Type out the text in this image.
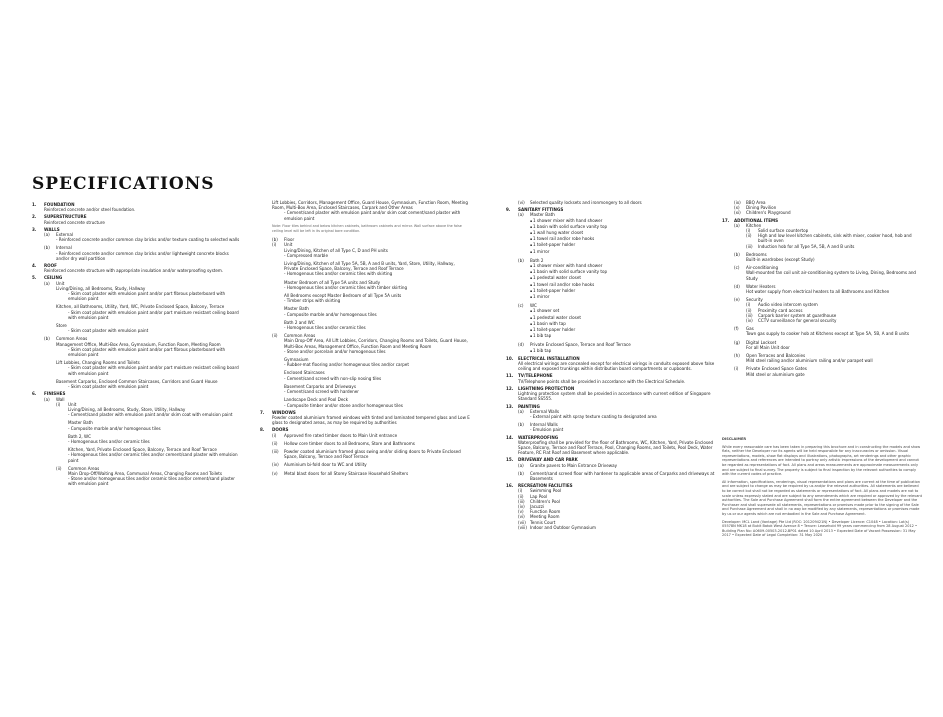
SPECIFICATIONS
1.	FOUNDATION
Reinforced concrete and/or steel foundation.
2.	SUPERSTRUCTURE
Reinforced concrete structure
3.	WALLS
(a)	External
- Reinforced concrete and/or common clay bricks and/or texture coating to selected walls
(b)	Internal
- Reinforced concrete and/or common clay bricks and/or lightweight concrete blocks and/or dry wall partition
4.	ROOF
Reinforced concrete structure with appropriate insulation and/or waterproofing system.
5.	CEILING
(a)	Unit
Living/Dining, all Bedrooms, Study, Hallway
- Skim coat plaster with emulsion paint and/or part fibrous plasterboard with emulsion paint
Kitchen, all Bathrooms, Utility, Yard, WC, Private Enclosed Space, Balcony, Terrace
- Skim coat plaster with emulsion paint and/or part moisture resistant ceiling board with emulsion paint
Store
- Skim coat plaster with emulsion paint
(b)	Common Areas
Management Office, Multi-Box Area, Gymnasium, Function Room, Meeting Room
- Skim coat plaster with emulsion paint and/or part fibrous plasterboard with emulsion paint
Lift Lobbies, Changing Rooms and Toilets
- Skim coat plaster with emulsion paint and/or part moisture resistant ceiling board with emulsion paint
Basement Carparks, Enclosed Common Staircases, Corridors and Guard House
- Skim coat plaster with emulsion paint
6.	FINISHES
(a)	Wall
(i)	Unit
Living/Dining, all Bedrooms, Study, Store, Utility, Hallway
- Cement/sand plaster with emulsion paint and/or skim coat with emulsion paint
Master Bath
- Composite marble and/or homogenous tiles
Bath 2, WC
- Homogenous tiles and/or ceramic tiles
Kitchen, Yard, Private Enclosed Space, Balcony, Terrace and Roof Terrace
- Homogenous tiles and/or ceramic tiles and/or cement/sand plaster with emulsion paint
(ii)	Common Areas
Main Drop-Off/Waiting Area, Communal Areas, Changing Rooms and Toilets
- Stone and/or homogenous tiles and/or ceramic tiles and/or cement/sand plaster with emulsion paint
Lift Lobbies, Corridors, Management Office, Guard House, Gymnasium, Function Room, Meeting Room, Multi-Box Area, Enclosed Staircases, Carpark and Other Areas
- Cement/sand plaster with emulsion paint and/or skim coat cement/sand plaster with emulsion paint
Note: Floor tiles behind and below kitchen cabinets, bathroom cabinets and mirror. Wall surface above the false ceiling level will be left in its original bare condition.
(b)	Floor
(i)	Unit
Living/Dining, Kitchen of all Type C, D and PH units
- Compressed marble
Living/Dining, Kitchen of all Type 5A, 5B, A and B units, Yard, Store, Utility, Hallway, Private Enclosed Space, Balcony, Terrace and Roof Terrace
- Homogenous tiles and/or ceramic tiles with skirting
Master Bedroom of all Type 5A units and Study
- Homogenous tiles and/or ceramic tiles with timber skirting
All Bedrooms except Master Bedroom of all Type 5A units
- Timber strips with skirting
Master Bath
- Composite marble and/or homogenous tiles
Bath 2 and WC
- Homogenous tiles and/or ceramic tiles
(ii)	Common Areas
Main Drop-Off Area, All Lift Lobbies, Corridors, Changing Rooms and Toilets, Guard House, Multi-Box Areas, Management Office, Function Room and Meeting Room
- Stone and/or porcelain and/or homogenous tiles
Gymnasium
- Rubber-mat flooring and/or homogenous tiles and/or carpet
Enclosed Staircases
- Cement/sand screed with non-slip nosing tiles
Basement Carparks and Driveways
- Cement/sand screed with hardener
Landscape Deck and Pool Deck
- Composite timber and/or stone and/or homogenous tiles
7.	WINDOWS
Powder coated aluminium framed windows with tinted and laminated tempered glass and Low E glass to designated areas, as may be required by authorities
8.	DOORS
(i)	Approved fire rated timber doors to Main Unit entrance
(ii)	Hollow core timber doors to all Bedrooms, Store and Bathrooms
(iii)	Powder coated aluminium framed glass swing and/or sliding doors to Private Enclosed Space, Balcony, Terrace and Roof Terrace
(iv)	Aluminium bi-fold door to WC and Utility
(v)	Metal blast doors for all Storey Staircase Household Shelters
(vi)	Selected quality locksets and ironmongery to all doors
9.	SANITARY FITTINGS
(a)	Master Bath
▪ 1 shower mixer with hand shower
▪ 1 basin with solid surface vanity top
▪ 1 wall hung water closet
▪ 1 towel rail and/or robe hooks
▪ 1 toilet-paper holder
▪ 1 mirror
(b)	Bath 2
▪ 1 shower mixer with hand shower
▪ 1 basin with solid surface vanity top
▪ 1 pedestal water closet
▪ 1 towel rail and/or robe hooks
▪ 1 toilet-paper holder
▪ 1 mirror
(c)	WC
▪ 1 shower set
▪ 1 pedestal water closet
▪ 1 basin with tap
▪ 1 toilet-paper holder
▪ 1 bib tap
(d)	Private Enclosed Space, Terrace and Roof Terrace
▪ 1 bib tap
10.	ELECTRICAL INSTALLATION
All electrical wirings are concealed except for electrical wirings in conduits exposed above false ceiling and exposed trunkings within distribution board compartments or cupboards.
11.	TV/TELEPHONE
TV/Telephone points shall be provided in accordance with the Electrical Schedule.
12.	LIGHTNING PROTECTION
Lightning protection system shall be provided in accordance with current edition of Singapore Standard SS555.
13.	PAINTING
(a)	External Walls
- External paint with spray texture coating to designated area
(b)	Internal Walls
- Emulsion paint
14.	WATERPROOFING
Waterproofing shall be provided for the floor of Bathrooms, WC, Kitchen, Yard, Private Enclosed Space, Balcony, Terrace and Roof Terrace, Pool, Changing Rooms, and Toilets, Pool Deck, Water Feature, RC Flat Roof and Basement where applicable.
15.	DRIVEWAY AND CAR PARK
(a)	Granite pavers to Main Entrance Driveway
(b)	Cement/sand screed floor with hardener to applicable areas of Carparks and driveways at Basements
16.	RECREATION FACILITIES
(i)	Swimming Pool
(ii)	Lap Pool
(iii)	Children's Pool
(iv)	Jacuzzi
(v)	Function Room
(vi)	Meeting Room
(vii) Tennis Court
(viii) Indoor and Outdoor Gymnasium
(ix)	BBQ Area
(x)	Dining Pavilion
(xi)	Children's Playground
17.	ADDITIONAL ITEMS
(a)	Kitchen
(i)	Solid surface countertop
(ii)	High and low level kitchen cabinets, sink with mixer, cooker hood, hob and built-in oven
(iii)	Induction hob for all Type 5A, 5B, A and B units
(b)	Bedrooms
Built-in wardrobes (except Study)
(c)	Air-conditioning
Wall-mounted fan coil unit air-conditioning system to Living, Dining, Bedrooms and Study
(d)	Water Heaters
Hot water supply from electrical heaters to all Bathrooms and Kitchen
(e)	Security
(i)	Audio video intercom system
(ii)	Proximity card access
(iii)	Carpark barrier system at guardhouse
(iv)	CCTV surveillance for general security
(f)	Gas
Town gas supply to cooker hob at Kitchens except at Type 5A, 5B, A and B units
(g)	Digital Lockset
For all Main Unit door
(h)	Open Terraces and Balconies
Mild steel railing and/or aluminium railing and/or parapet wall
(i)	Private Enclosed Space Gates
Mild steel or aluminium gate

DISCLAIMER

While every reasonable care has been taken in preparing this brochure and in constructing the models and show flats, neither the Developer nor its agents will be held responsible for any inaccuracies or omission. Visual representations, models, show flat displays and illustrations, photographs, art renderings and other graphic representations and references are intended to portray only artistic impressions of the development and cannot be regarded as representations of fact. All plans and areas measurements are approximate measurements only and are subject to final survey. The property is subject to final inspection by the relevant authorities to comply with the current codes of practice.

All information, specifications, renderings, visual representations and plans are current at the time of publication and are subject to change as may be required by us and/or the relevant authorities. All statements are believed to be correct but shall not be regarded as statements or representations of fact. All plans and models are not to scale unless expressly stated and are subject to any amendments which are required or approved by the relevant authorities. The Sale and Purchase Agreement shall form the entire agreement between the Developer and the Purchaser and shall supersede all statements, representations or promises made prior to the signing of the Sale and Purchase Agreement and shall in no way be modified by any statements, representations or promises made by us or our agents which are not embodied in the Sale and Purchase Agreement.

Developer: MCL Land (Vantage) Pte Ltd (ROC: 201209421N) • Developer Licence: C1048 • Location: Lot(s) 05578N MK18 at Bukit Batok West Avenue 8 • Tenure: Leasehold 99 years commencing from 28 August 2012 • Building Plan No: A0609-00503-2012-BP01 dated 10 April 2013 • Expected Date of Vacant Possession: 31 May 2017 • Expected Date of Legal Completion: 31 May 2020
